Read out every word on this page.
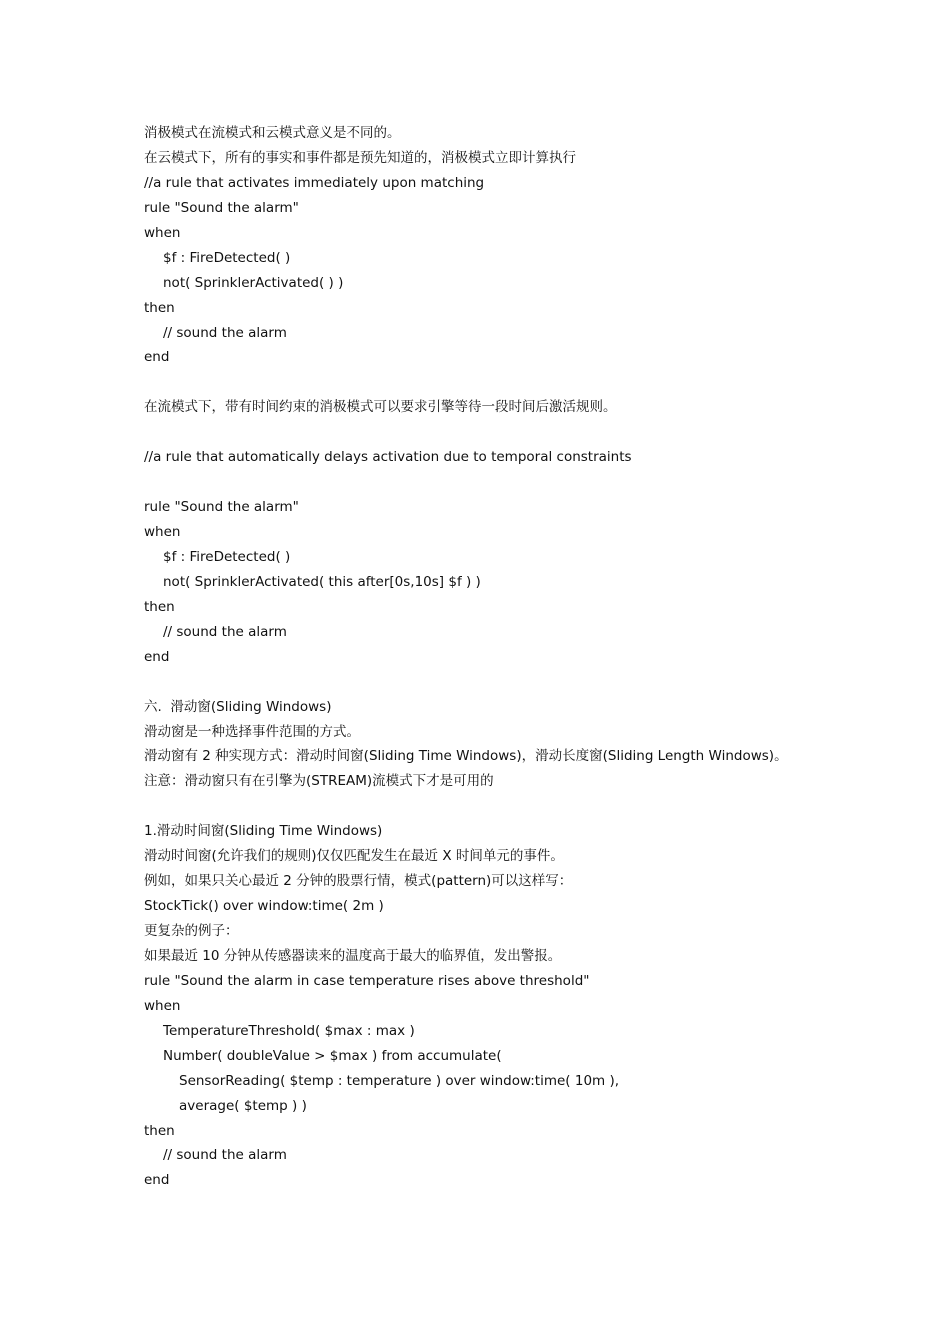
消极模式在流模式和云模式意义是不同的。
在云模式下，所有的事实和事件都是预先知道的，消极模式立即计算执行
//a rule that activates immediately upon matching
rule "Sound the alarm"
when
$f : FireDetected( )
not( SprinklerActivated( ) )
then
// sound the alarm
end
在流模式下，带有时间约束的消极模式可以要求引擎等待一段时间后激活规则。
//a rule that automatically delays activation due to temporal constraints
rule "Sound the alarm"
when
$f : FireDetected( )
not( SprinklerActivated( this after[0s,10s] $f ) )
then
// sound the alarm
end
六.  滑动窗(Sliding Windows)
滑动窗是一种选择事件范围的方式。
滑动窗有 2 种实现方式：滑动时间窗(Sliding Time Windows)，滑动长度窗(Sliding Length Windows)。
注意：滑动窗只有在引擎为(STREAM)流模式下才是可用的
1.滑动时间窗(Sliding Time Windows)
滑动时间窗(允许我们的规则)仅仅匹配发生在最近 X 时间单元的事件。
例如，如果只关心最近 2 分钟的股票行情，模式(pattern)可以这样写：
StockTick() over window:time( 2m )
更复杂的例子：
如果最近 10 分钟从传感器读来的温度高于最大的临界值，发出警报。
rule "Sound the alarm in case temperature rises above threshold"
when
TemperatureThreshold( $max : max )
Number( doubleValue > $max ) from accumulate(
SensorReading( $temp : temperature ) over window:time( 10m ),
average( $temp ) )
then
// sound the alarm
end
